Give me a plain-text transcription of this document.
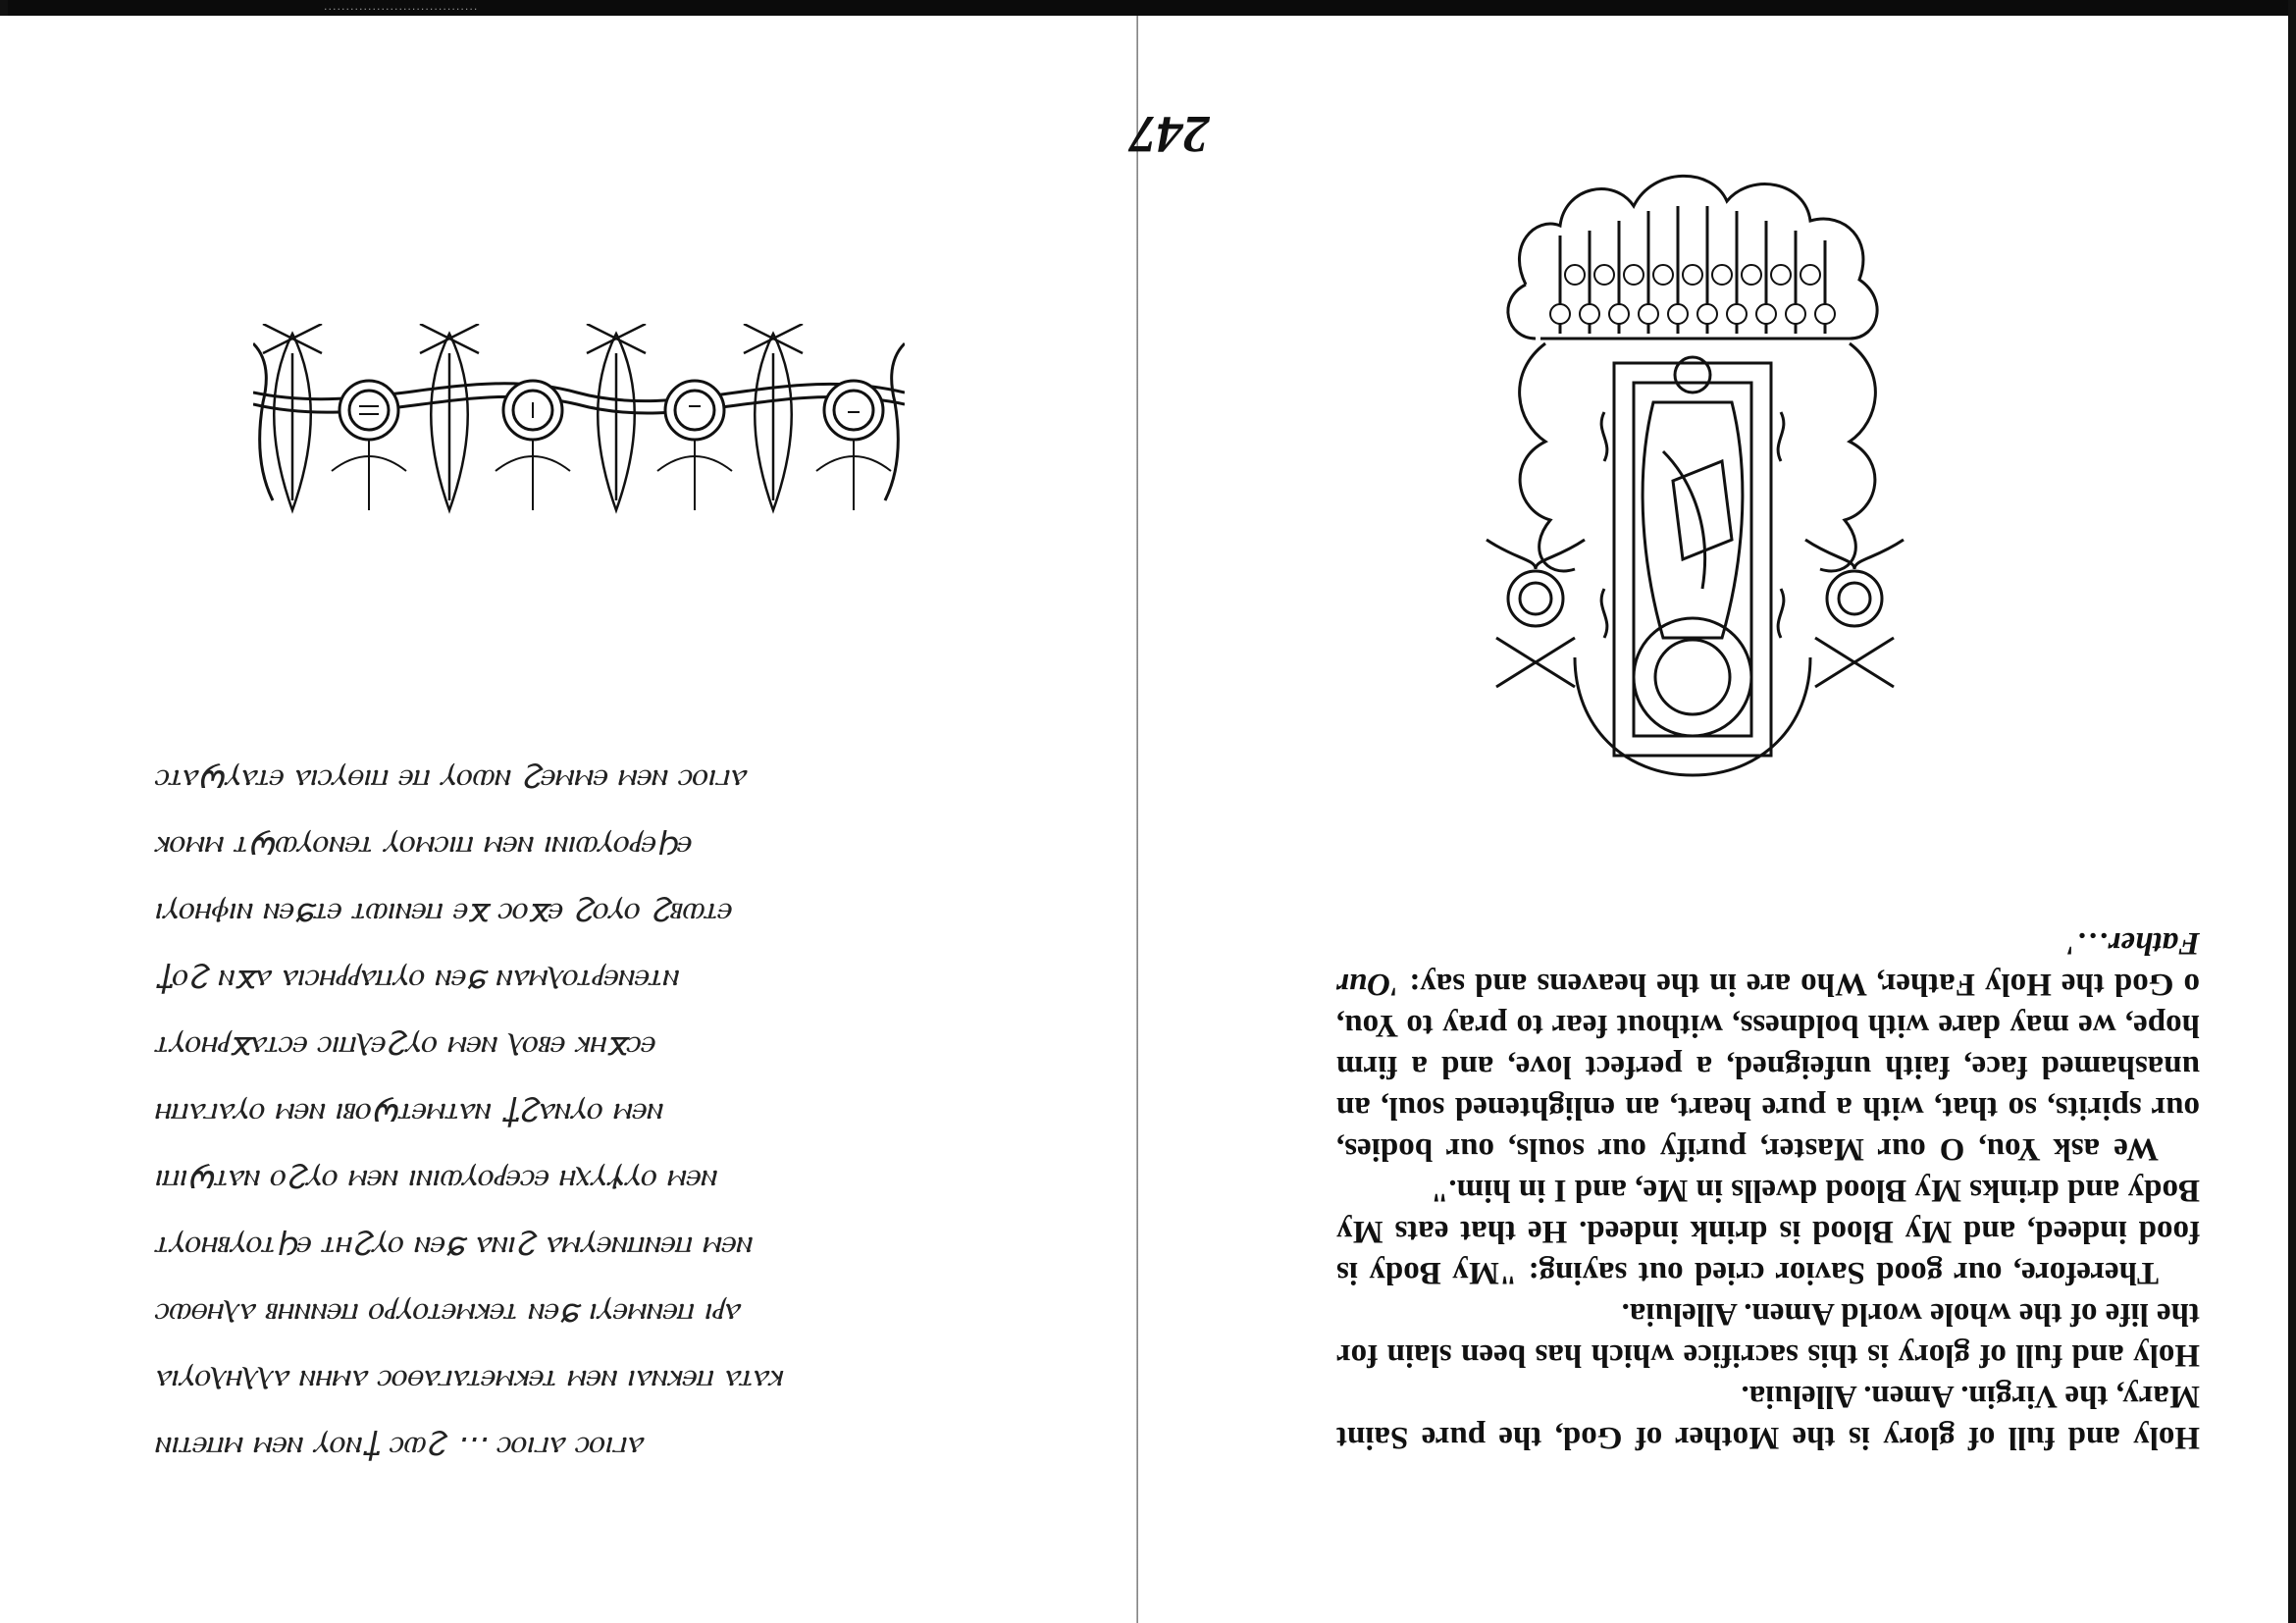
...................................
ⲁⲅⲓⲟⲥ ⲁⲅⲓⲟⲥ ... ϩⲱⲥ ϯⲛⲟⲩ ⲛⲉⲙ ⲙⲡⲉⲧⲓⲛ
ⲕⲁⲧⲁ ⲡⲉⲕⲛⲁⲓ ⲛⲉⲙ ⲧⲉⲕⲙⲉⲧⲁⲅⲁⲑⲟⲥ ⲁⲙⲏⲛ ⲁⲗⲗⲏⲗⲟⲩⲓⲁ
ⲁⲣⲓ ⲡⲉⲛⲙⲉⲩⲓ ϧⲉⲛ ⲧⲉⲕⲙⲉⲧⲟⲩⲣⲟ ⲡⲉⲛⲛⲏⲃ ⲁⲗⲏⲑⲱⲥ
ⲛⲉⲙ ⲡⲉⲛⲡⲛⲉⲩⲙⲁ ϩⲓⲛⲁ ϧⲉⲛ ⲟⲩϩⲏⲧ ⲉϥⲧⲟⲩⲃⲏⲟⲩⲧ
ⲛⲉⲙ ⲟⲩⲯⲩⲭⲏ ⲉⲥⲉⲣⲟⲩⲱⲓⲛⲓ ⲛⲉⲙ ⲟⲩϩⲟ ⲛⲁⲧϣⲓⲡⲓ
ⲛⲉⲙ ⲟⲩⲛⲁϩϯ ⲛⲁⲧⲙⲉⲧϣⲟⲃⲓ ⲛⲉⲙ ⲟⲩⲁⲅⲁⲡⲏ
ⲉⲥϫⲏⲕ ⲉⲃⲟⲗ ⲛⲉⲙ ⲟⲩϩⲉⲗⲡⲓⲥ ⲉⲥⲧⲁϫⲣⲏⲟⲩⲧ
ⲛⲧⲉⲛⲉⲣⲧⲟⲗⲙⲁⲛ ϧⲉⲛ ⲟⲩⲡⲁⲣⲣⲏⲥⲓⲁ ⲁϫⲛ ϩⲟϯ
ⲉⲧⲱⲃϩ ⲟⲩⲟϩ ⲉϫⲟⲥ ϫⲉ ⲡⲉⲛⲓⲱⲧ ⲉⲧϧⲉⲛ ⲛⲓⲫⲏⲟⲩⲓ
ⲉϥⲉⲣⲟⲩⲱⲓⲛⲓ ⲛⲉⲙ ⲡⲓⲥⲙⲟⲩ ⲧⲉⲛⲟⲩⲱϣⲧ ⲙⲙⲟⲕ
ⲁⲅⲓⲟⲥ ⲛⲉⲙ ⲉⲙⲙⲉϩ ⲛⲱⲟⲩ ⲡⲉ ⲡⲓⲑⲩⲥⲓⲁ ⲉⲧⲁⲩϣⲁⲧⲥ
247

Holy and full of glory is the Mother of God, the pure Saint Mary, the Virgin. Amen. Alleluia.

Holy and full of glory is this sacrifice which has been slain for the life of the whole world Amen. Alleluia.

Therefore, our good Savior cried out saying: "My Body is food indeed, and My Blood is drink indeed. He that eats My Body and drinks My Blood dwells in Me, and I in him."

We ask You, O our Master, purify our souls, our bodies, our spirits, so that, with a pure heart, an enlightened soul, an unashamed face, faith unfeigned, a perfect love, and a firm hope, we may dare with boldness, without fear to pray to You, o God the Holy Father, Who are in the heavens and say: 'Our Father…'
